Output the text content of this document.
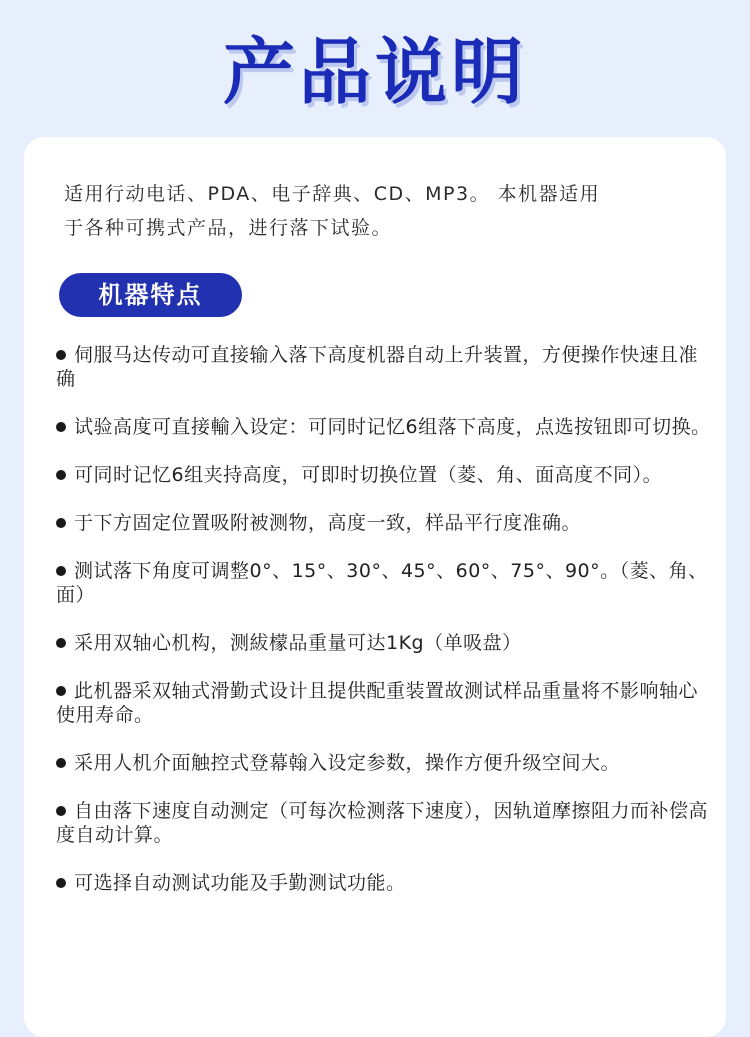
产品说明

适用行动电话、PDA、电子辞典、CD、MP3。 本机器适用

于各种可携式产品，进行落下试验。

机器特点
伺服马达传动可直接输入落下高度机器自动上升装置，方便操作快速且准确
试验高度可直接輸入设定：可同时记忆6组落下高度，点选按钮即可切换。
可同时记忆6组夹持高度，可即时切换位置（菱、角、面高度不同）。
于下方固定位置吸附被测物，高度一致，样品平行度准确。
测试落下角度可调整0°、15°、30°、45°、60°、75°、90°。（菱、角、面）
采用双轴心机构，测紱檬品重量可达1Kg（单吸盘）
此机器采双轴式滑勤式设计且提供配重装置故测试样品重量将不影响轴心使用寿命。
采用人机介面触控式登幕翰入设定参数，操作方便升级空间大。
自由落下速度自动测定（可每次检测落下速度），因轨道摩擦阻力而补偿高度自动计算。
可选择自动测试功能及手勤测试功能。
